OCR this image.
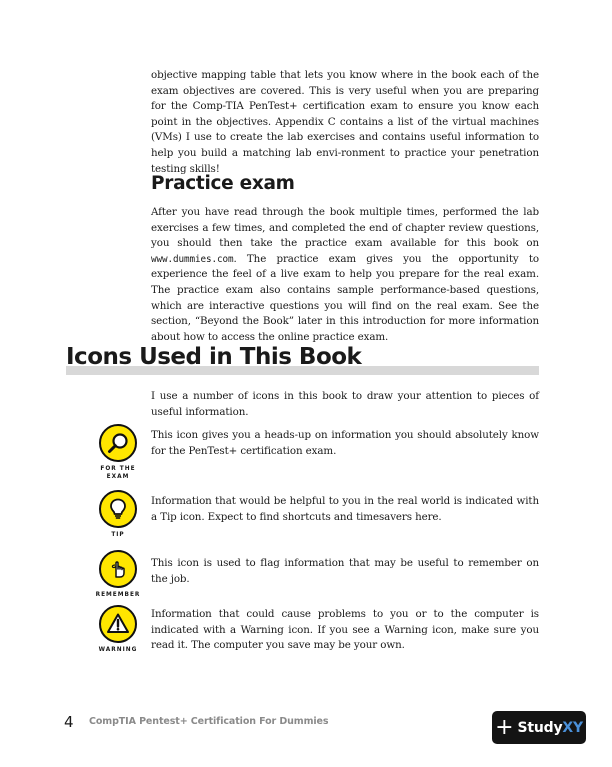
objective mapping table that lets you know where in the book each of the exam objectives are covered. This is very useful when you are preparing for the Comp-TIA PenTest+ certification exam to ensure you know each point in the objectives. Appendix C contains a list of the virtual machines (VMs) I use to create the lab exercises and contains useful information to help you build a matching lab envi-ronment to practice your penetration testing skills!

Practice exam

After you have read through the book multiple times, performed the lab exercises a few times, and completed the end of chapter review questions, you should then take the practice exam available for this book on www.dummies.com. The practice exam gives you the opportunity to experience the feel of a live exam to help you prepare for the real exam. The practice exam also contains sample performance-based questions, which are interactive questions you will find on the real exam. See the section, “Beyond the Book” later in this introduction for more information about how to access the online practice exam.

Icons Used in This Book

I use a number of icons in this book to draw your attention to pieces of useful information.

FOR THE EXAM

This icon gives you a heads-up on information you should absolutely know for the PenTest+ certification exam.

TIP

Information that would be helpful to you in the real world is indicated with a Tip icon. Expect to find shortcuts and timesavers here.

REMEMBER

This icon is used to flag information that may be useful to remember on the job.

WARNING

Information that could cause problems to you or to the computer is indicated with a Warning icon. If you see a Warning icon, make sure you read it. The computer you save may be your own.

4 CompTIA Pentest+ Certification For Dummies	+ StudyXY
